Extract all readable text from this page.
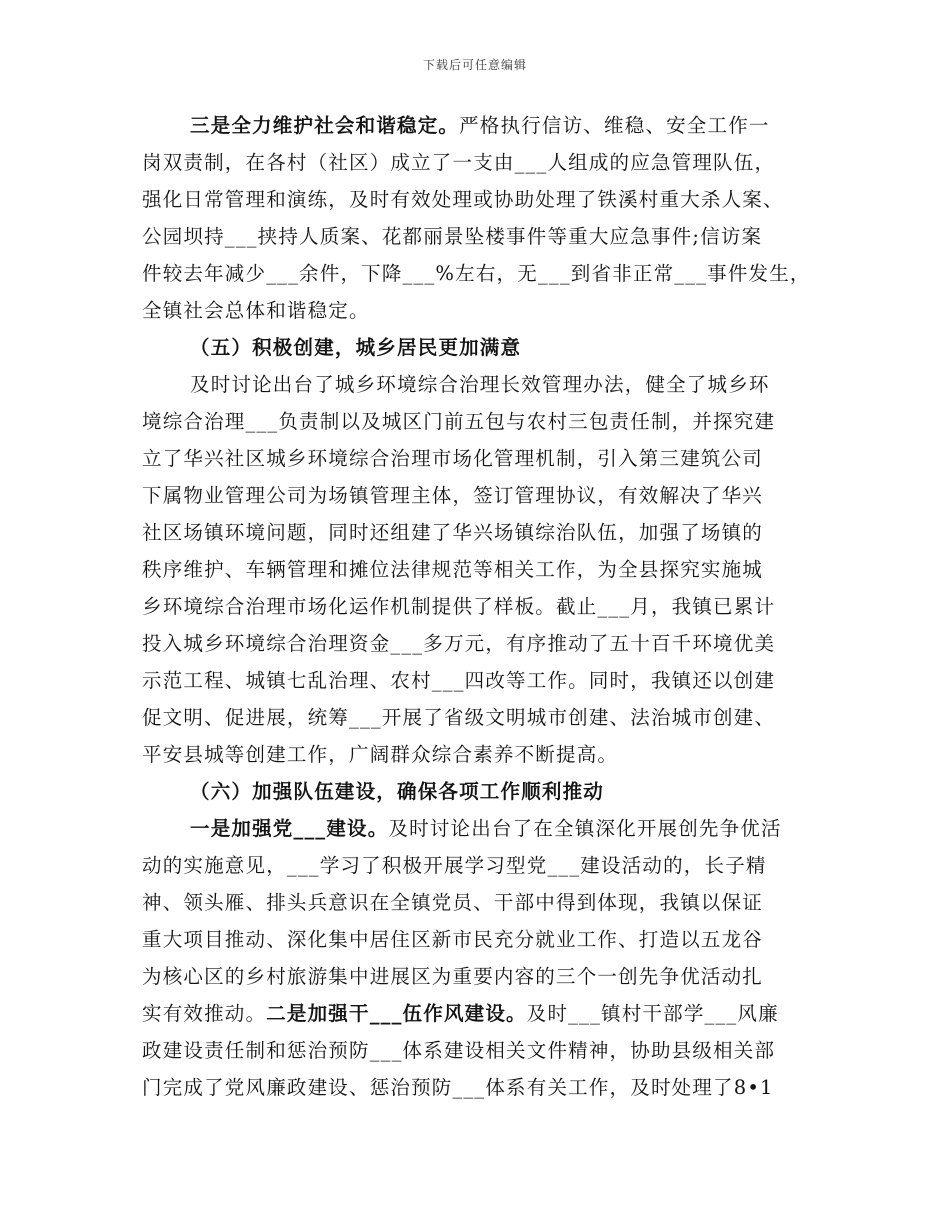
下载后可任意编辑
三是全力维护社会和谐稳定。严格执行信访、维稳、安全工作一
岗双责制，在各村（社区）成立了一支由___人组成的应急管理队伍，
强化日常管理和演练，及时有效处理或协助处理了铁溪村重大杀人案、
公园坝持___挟持人质案、花都丽景坠楼事件等重大应急事件;信访案
件较去年减少___余件，下降___%左右，无___到省非正常___事件发生，
全镇社会总体和谐稳定。
（五）积极创建，城乡居民更加满意
及时讨论出台了城乡环境综合治理长效管理办法，健全了城乡环
境综合治理___负责制以及城区门前五包与农村三包责任制，并探究建
立了华兴社区城乡环境综合治理市场化管理机制，引入第三建筑公司
下属物业管理公司为场镇管理主体，签订管理协议，有效解决了华兴
社区场镇环境问题，同时还组建了华兴场镇综治队伍，加强了场镇的
秩序维护、车辆管理和摊位法律规范等相关工作，为全县探究实施城
乡环境综合治理市场化运作机制提供了样板。截止___月，我镇已累计
投入城乡环境综合治理资金___多万元，有序推动了五十百千环境优美
示范工程、城镇七乱治理、农村___四改等工作。同时，我镇还以创建
促文明、促进展，统筹___开展了省级文明城市创建、法治城市创建、
平安县城等创建工作，广阔群众综合素养不断提高。
（六）加强队伍建设，确保各项工作顺利推动
一是加强党___建设。及时讨论出台了在全镇深化开展创先争优活
动的实施意见，___学习了积极开展学习型党___建设活动的，长子精
神、领头雁、排头兵意识在全镇党员、干部中得到体现，我镇以保证
重大项目推动、深化集中居住区新市民充分就业工作、打造以五龙谷
为核心区的乡村旅游集中进展区为重要内容的三个一创先争优活动扎
实有效推动。二是加强干___伍作风建设。及时___镇村干部学___风廉
政建设责任制和惩治预防___体系建设相关文件精神，协助县级相关部
门完成了党风廉政建设、惩治预防___体系有关工作，及时处理了8•1
